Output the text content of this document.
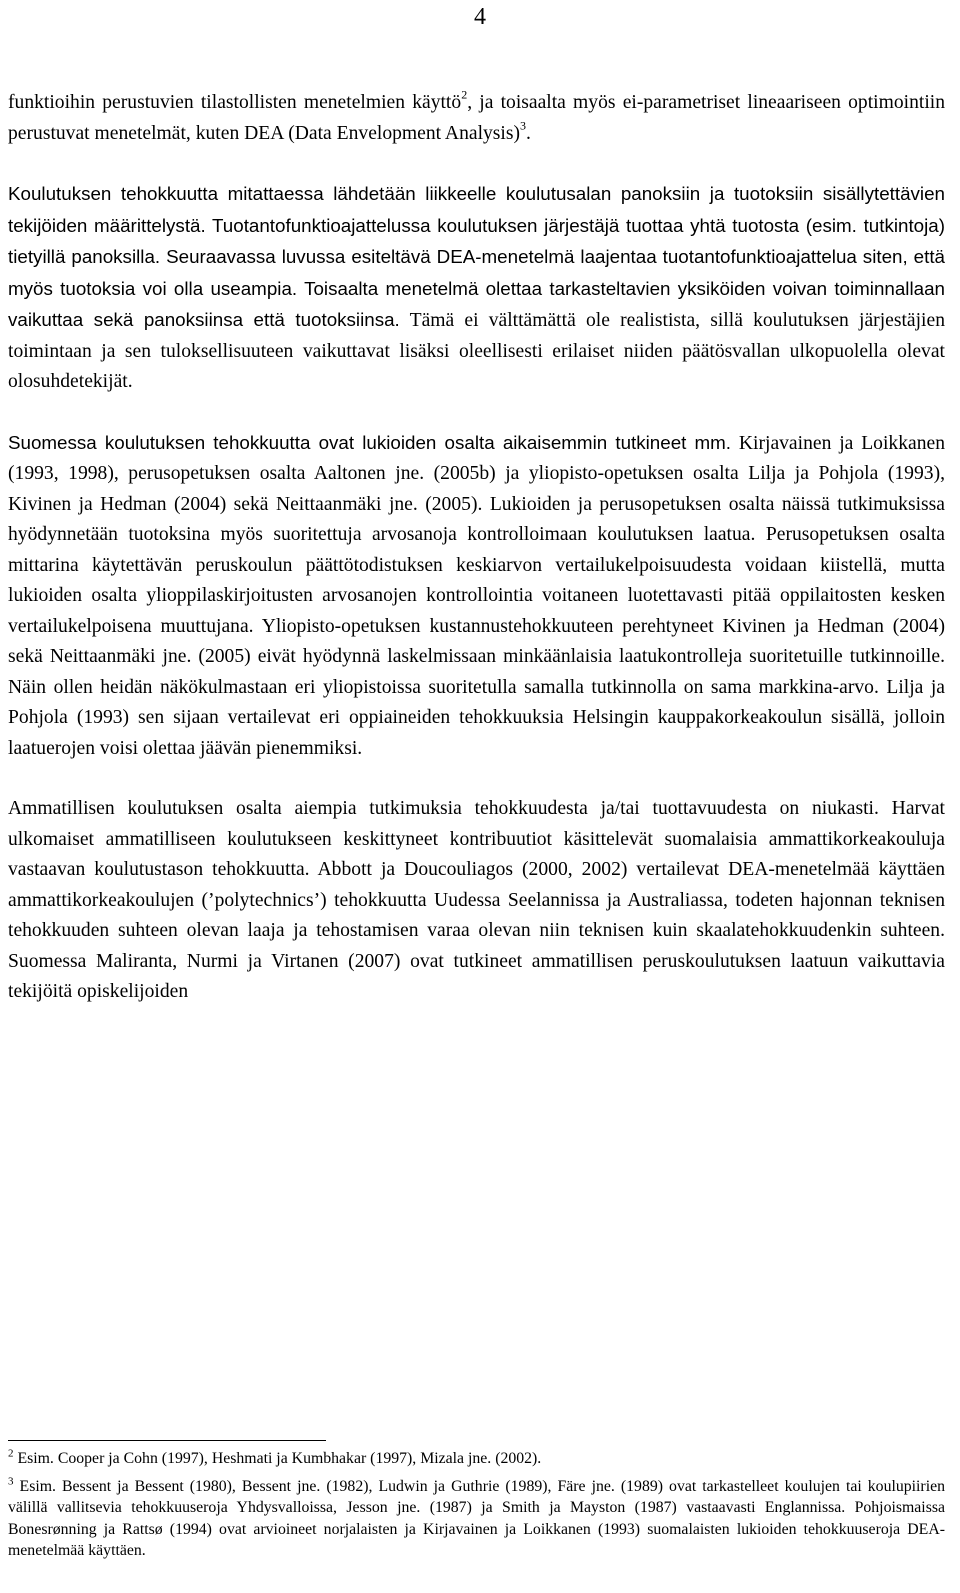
4

funktioihin perustuvien tilastollisten menetelmien käyttö$^2$, ja toisaalta myös ei-parametriset lineaariseen optimointiin perustuvat menetelmät, kuten DEA (Data Envelopment Analysis)$^3$.

Koulutuksen tehokkuutta mitattaessa lähdetään liikkeelle koulutusalan panoksiin ja tuotoksiin sisällytettävien tekijöiden määrittelystä. Tuotantofunktioajattelussa koulutuksen järjestäjä tuottaa yhtä tuotosta (esim. tutkintoja) tietyillä panoksilla. Seuraavassa luvussa esiteltävä DEA-menetelmä laajentaa tuotantofunktioajattelua siten, että myös tuotoksia voi olla useampia. Toisaalta menetelmä olettaa tarkasteltavien yksiköiden voivan toiminnallaan vaikuttaa sekä panoksiinsa että tuotoksiinsa. Tämä ei välttämättä ole realistista, sillä koulutuksen järjestäjien toimintaan ja sen tuloksellisuuteen vaikuttavat lisäksi oleellisesti erilaiset niiden päätösvallan ulkopuolella olevat olosuhdetekijät.

Suomessa koulutuksen tehokkuutta ovat lukioiden osalta aikaisemmin tutkineet mm. Kirjavainen ja Loikkanen (1993, 1998), perusopetuksen osalta Aaltonen jne. (2005b) ja yliopisto-opetuksen osalta Lilja ja Pohjola (1993), Kivinen ja Hedman (2004) sekä Neittaanmäki jne. (2005). Lukioiden ja perusopetuksen osalta näissä tutkimuksissa hyödynnetään tuotoksina myös suoritettuja arvosanoja kontrolloimaan koulutuksen laatua. Perusopetuksen osalta mittarina käytettävän peruskoulun päättötodistuksen keskiarvon vertailukelpoisuudesta voidaan kiistellä, mutta lukioiden osalta ylioppilaskirjoitusten arvosanojen kontrollointia voitaneen luotettavasti pitää oppilaitosten kesken vertailukelpoisena muuttujana. Yliopisto-opetuksen kustannustehokkuuteen perehtyneet Kivinen ja Hedman (2004) sekä Neittaanmäki jne. (2005) eivät hyödynnä laskelmissaan minkäänlaisia laatukontrolleja suoritetuille tutkinnoille. Näin ollen heidän näkökulmastaan eri yliopistoissa suoritetulla samalla tutkinnolla on sama markkina-arvo. Lilja ja Pohjola (1993) sen sijaan vertailevat eri oppiaineiden tehokkuuksia Helsingin kauppakorkeakoulun sisällä, jolloin laatuerojen voisi olettaa jäävän pienemmiksi.

Ammatillisen koulutuksen osalta aiempia tutkimuksia tehokkuudesta ja/tai tuottavuudesta on niukasti. Harvat ulkomaiset ammatilliseen koulutukseen keskittyneet kontribuutiot käsittelevät suomalaisia ammattikorkeakouluja vastaavan koulutustason tehokkuutta. Abbott ja Doucouliagos (2000, 2002) vertailevat DEA-menetelmää käyttäen ammattikorkeakoulujen (’polytechnics’) tehokkuutta Uudessa Seelannissa ja Australiassa, todeten hajonnan teknisen tehokkuuden suhteen olevan laaja ja tehostamisen varaa olevan niin teknisen kuin skaalatehokkuudenkin suhteen. Suomessa Maliranta, Nurmi ja Virtanen (2007) ovat tutkineet ammatillisen peruskoulutuksen laatuun vaikuttavia tekijöitä opiskelijoiden

$^2$ Esim. Cooper ja Cohn (1997), Heshmati ja Kumbhakar (1997), Mizala jne. (2002).

$^3$ Esim. Bessent ja Bessent (1980), Bessent jne. (1982), Ludwin ja Guthrie (1989), Färe jne. (1989) ovat tarkastelleet koulujen tai koulupiirien välillä vallitsevia tehokkuuseroja Yhdysvalloissa, Jesson jne. (1987) ja Smith ja Mayston (1987) vastaavasti Englannissa. Pohjoismaissa Bonesrønning ja Rattsø (1994) ovat arvioineet norjalaisten ja Kirjavainen ja Loikkanen (1993) suomalaisten lukioiden tehokkuuseroja DEA-menetelmää käyttäen.
